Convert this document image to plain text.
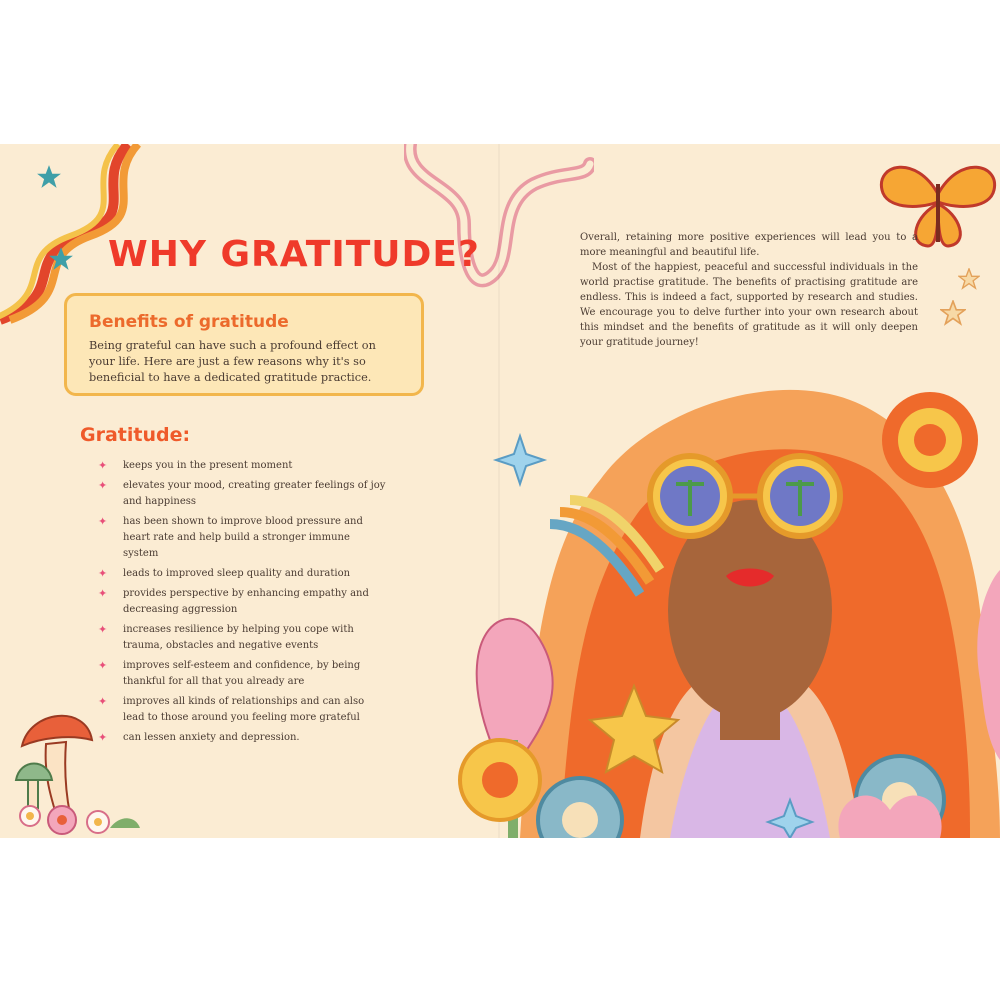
WHY GRATITUDE?
Benefits of gratitude

Being grateful can have such a profound effect on your life. Here are just a few reasons why it's so beneficial to have a dedicated gratitude practice.

Gratitude:
✦ keeps you in the present moment
✦ elevates your mood, creating greater feelings of joy and happiness
✦ has been shown to improve blood pressure and heart rate and help build a stronger immune system
✦ leads to improved sleep quality and duration
✦ provides perspective by enhancing empathy and decreasing aggression
✦ increases resilience by helping you cope with trauma, obstacles and negative events
✦ improves self-esteem and confidence, by being thankful for all that you already are
✦ improves all kinds of relationships and can also lead to those around you feeling more grateful
✦ can lessen anxiety and depression.

Overall, retaining more positive experiences will lead you to a more meaningful and beautiful life.

Most of the happiest, peaceful and successful individuals in the world practise gratitude. The benefits of practising gratitude are endless. This is indeed a fact, supported by research and studies. We encourage you to delve further into your own research about this mindset and the benefits of gratitude as it will only deepen your gratitude journey!
